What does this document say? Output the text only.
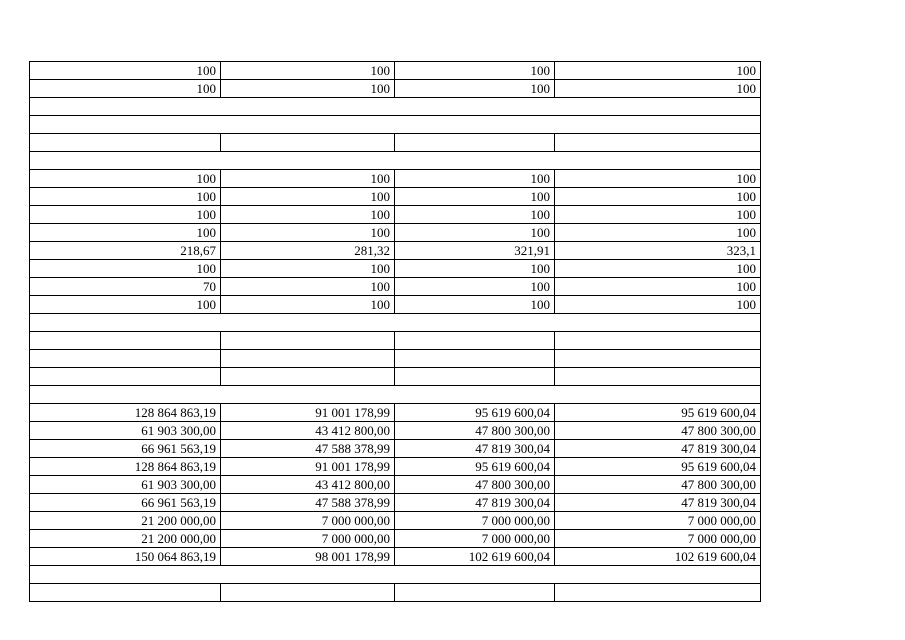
100	100	100	100
100	100	100	100

100	100	100	100
100	100	100	100
100	100	100	100
100	100	100	100
218,67	281,32	321,91	323,1
100	100	100	100
70	100	100	100
100	100	100	100

128 864 863,19	91 001 178,99	95 619 600,04	95 619 600,04
61 903 300,00	43 412 800,00	47 800 300,00	47 800 300,00
66 961 563,19	47 588 378,99	47 819 300,04	47 819 300,04
128 864 863,19	91 001 178,99	95 619 600,04	95 619 600,04
61 903 300,00	43 412 800,00	47 800 300,00	47 800 300,00
66 961 563,19	47 588 378,99	47 819 300,04	47 819 300,04
21 200 000,00	7 000 000,00	7 000 000,00	7 000 000,00
21 200 000,00	7 000 000,00	7 000 000,00	7 000 000,00
150 064 863,19	98 001 178,99	102 619 600,04	102 619 600,04
